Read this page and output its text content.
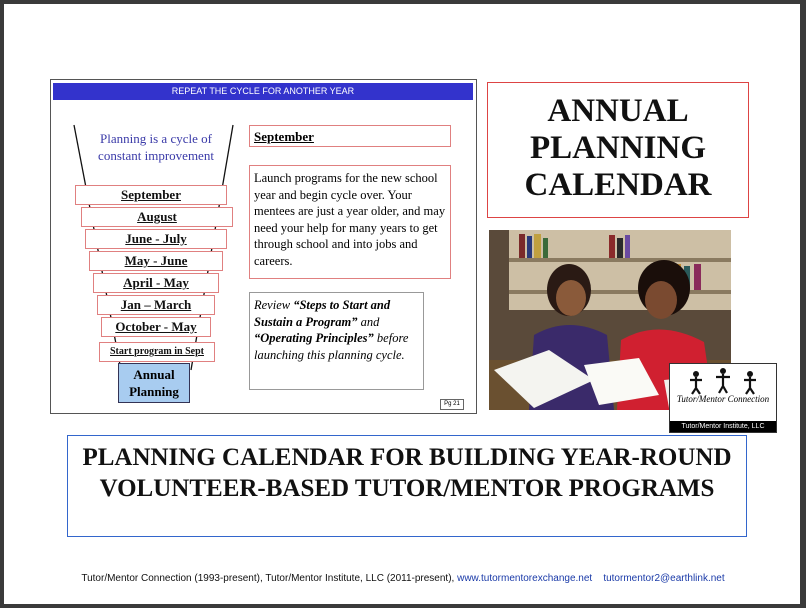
REPEAT THE CYCLE FOR ANOTHER YEAR
Planning is a cycle of constant improvement
September
August
June - July
May - June
April - May
Jan – March
October - May
Start program in Sept
Annual Planning
September
Launch programs for the new school year and begin cycle over. Your mentees are just a year older, and may need your help for many years to get through school and into jobs and careers.
Review “Steps to Start and Sustain a Program” and “Operating Principles” before launching this planning cycle.
Pg 21
ANNUAL PLANNING CALENDAR
Tutor/Mentor Connection
Tutor/Mentor Institute, LLC
PLANNING CALENDAR FOR BUILDING YEAR-ROUND VOLUNTEER-BASED TUTOR/MENTOR PROGRAMS
Tutor/Mentor Connection (1993-present), Tutor/Mentor Institute, LLC (2011-present), www.tutormentorexchange.net tutormentor2@earthlink.net
